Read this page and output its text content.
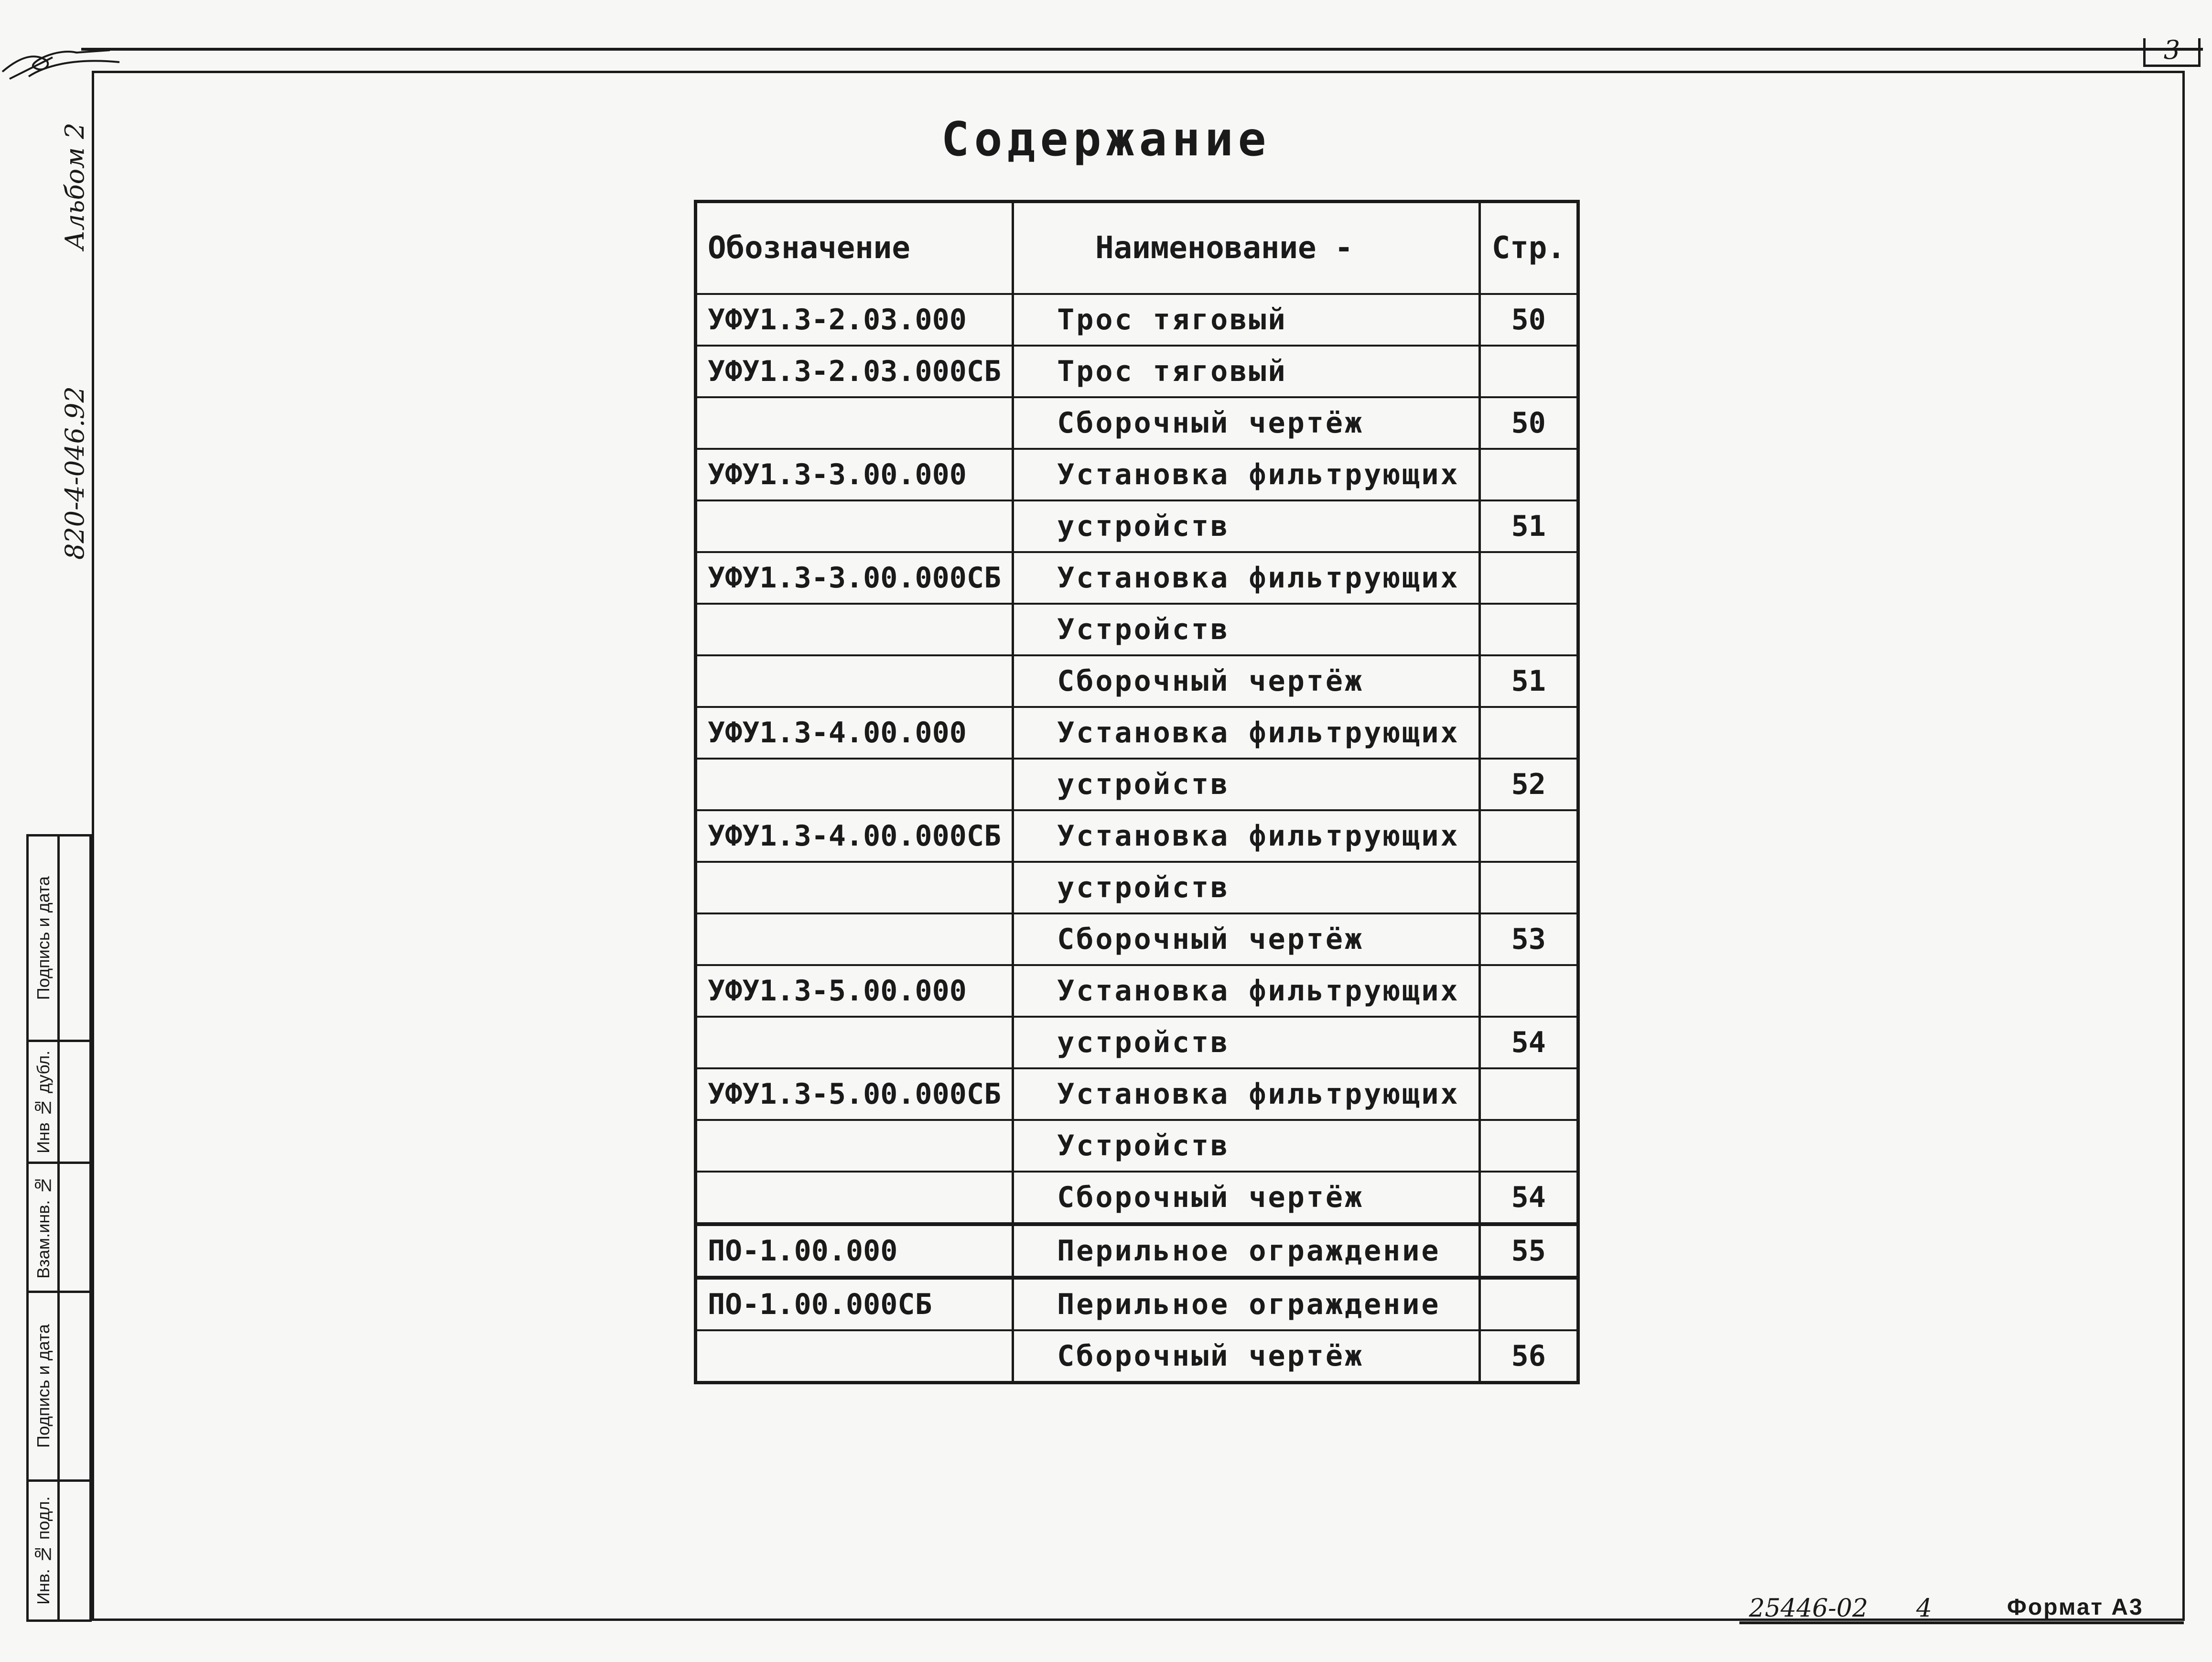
3
Альбом 2
820-4-046.92
Подпись и дата
Инв № дубл.
Взам.инв. №
Подпись и дата
Инв. № подл.
Содержание
Обозначение	Наименование -	Стр.
УФУ1.3-2.03.000	Трос тяговый	50
УФУ1.3-2.03.000СБ	Трос тяговый	
	Сборочный чертёж	50
УФУ1.3-3.00.000	Установка фильтрующих	
	устройств	51
УФУ1.3-3.00.000СБ	Установка фильтрующих	
	Устройств	
	Сборочный чертёж	51
УФУ1.3-4.00.000	Установка фильтрующих	
	устройств	52
УФУ1.3-4.00.000СБ	Установка фильтрующих	
	устройств	
	Сборочный чертёж	53
УФУ1.3-5.00.000	Установка фильтрующих	
	устройств	54
УФУ1.3-5.00.000СБ	Установка фильтрующих	
	Устройств	
	Сборочный чертёж	54
ПО-1.00.000	Перильное ограждение	55
ПО-1.00.000СБ	Перильное ограждение	
	Сборочный чертёж	56
25446-02 4	Формат А3
